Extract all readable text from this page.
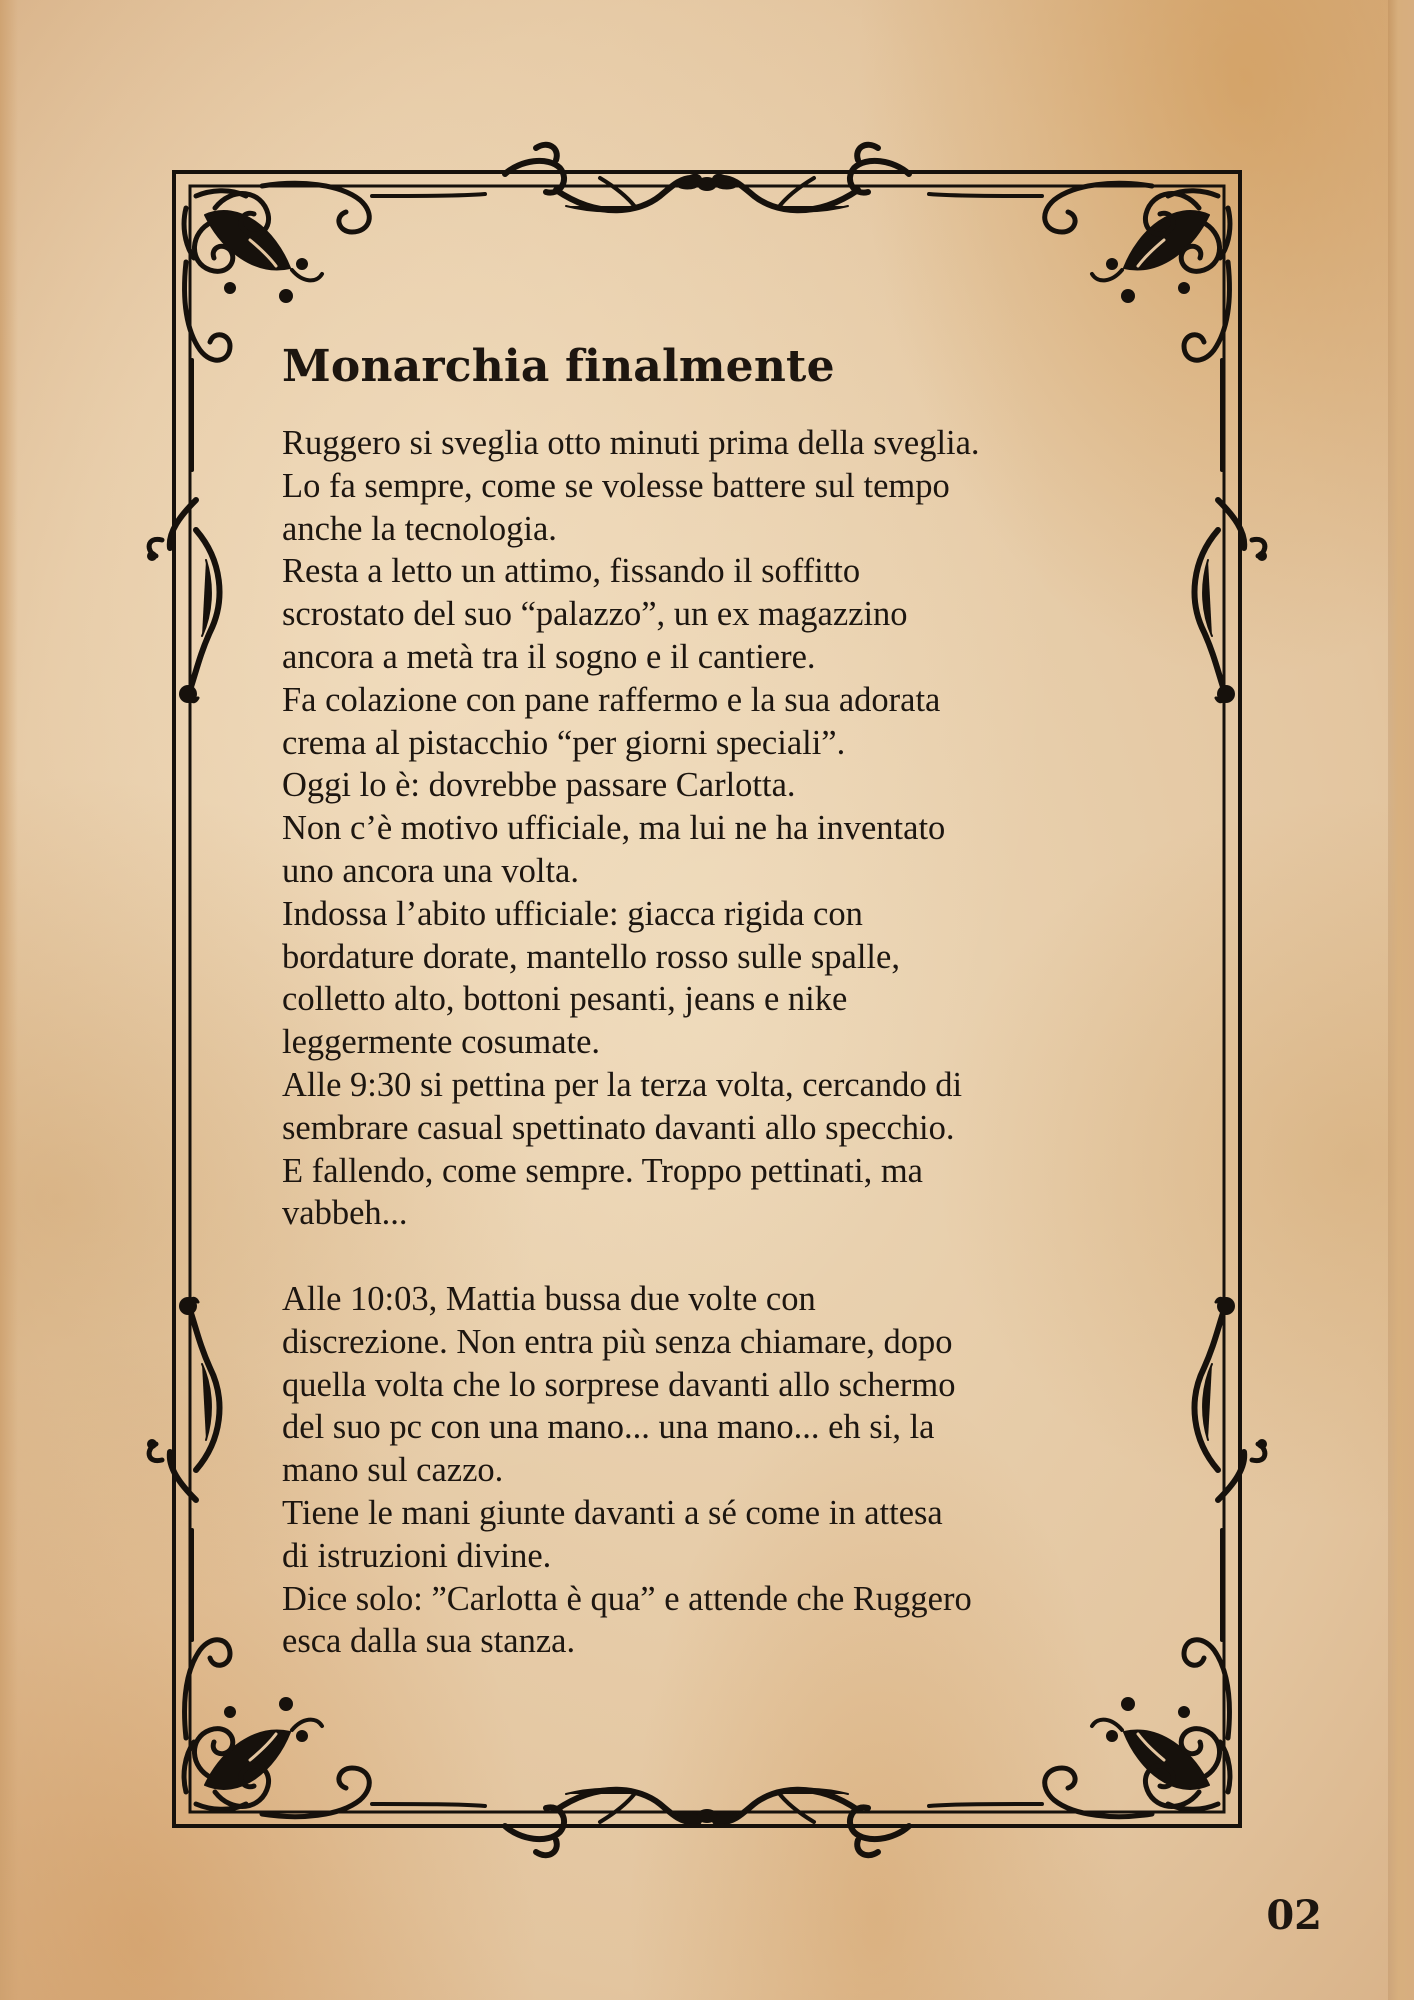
Monarchia finalmente

Ruggero si sveglia otto minuti prima della sveglia.
Lo fa sempre, come se volesse battere sul tempo
anche la tecnologia.
Resta a letto un attimo, fissando il soffitto
scrostato del suo “palazzo”, un ex magazzino
ancora a metà tra il sogno e il cantiere.
Fa colazione con pane raffermo e la sua adorata
crema al pistacchio “per giorni speciali”.
Oggi lo è: dovrebbe passare Carlotta.
Non c’è motivo ufficiale, ma lui ne ha inventato
uno ancora una volta.
Indossa l’abito ufficiale: giacca rigida con
bordature dorate, mantello rosso sulle spalle,
colletto alto, bottoni pesanti, jeans e nike
leggermente cosumate.
Alle 9:30 si pettina per la terza volta, cercando di
sembrare casual spettinato davanti allo specchio.
E fallendo, come sempre. Troppo pettinati, ma
vabbeh...

Alle 10:03, Mattia bussa due volte con
discrezione. Non entra più senza chiamare, dopo
quella volta che lo sorprese davanti allo schermo
del suo pc con una mano... una mano... eh si, la
mano sul cazzo.
Tiene le mani giunte davanti a sé come in attesa
di istruzioni divine.
Dice solo: ”Carlotta è qua” e attende che Ruggero
esca dalla sua stanza.

02
